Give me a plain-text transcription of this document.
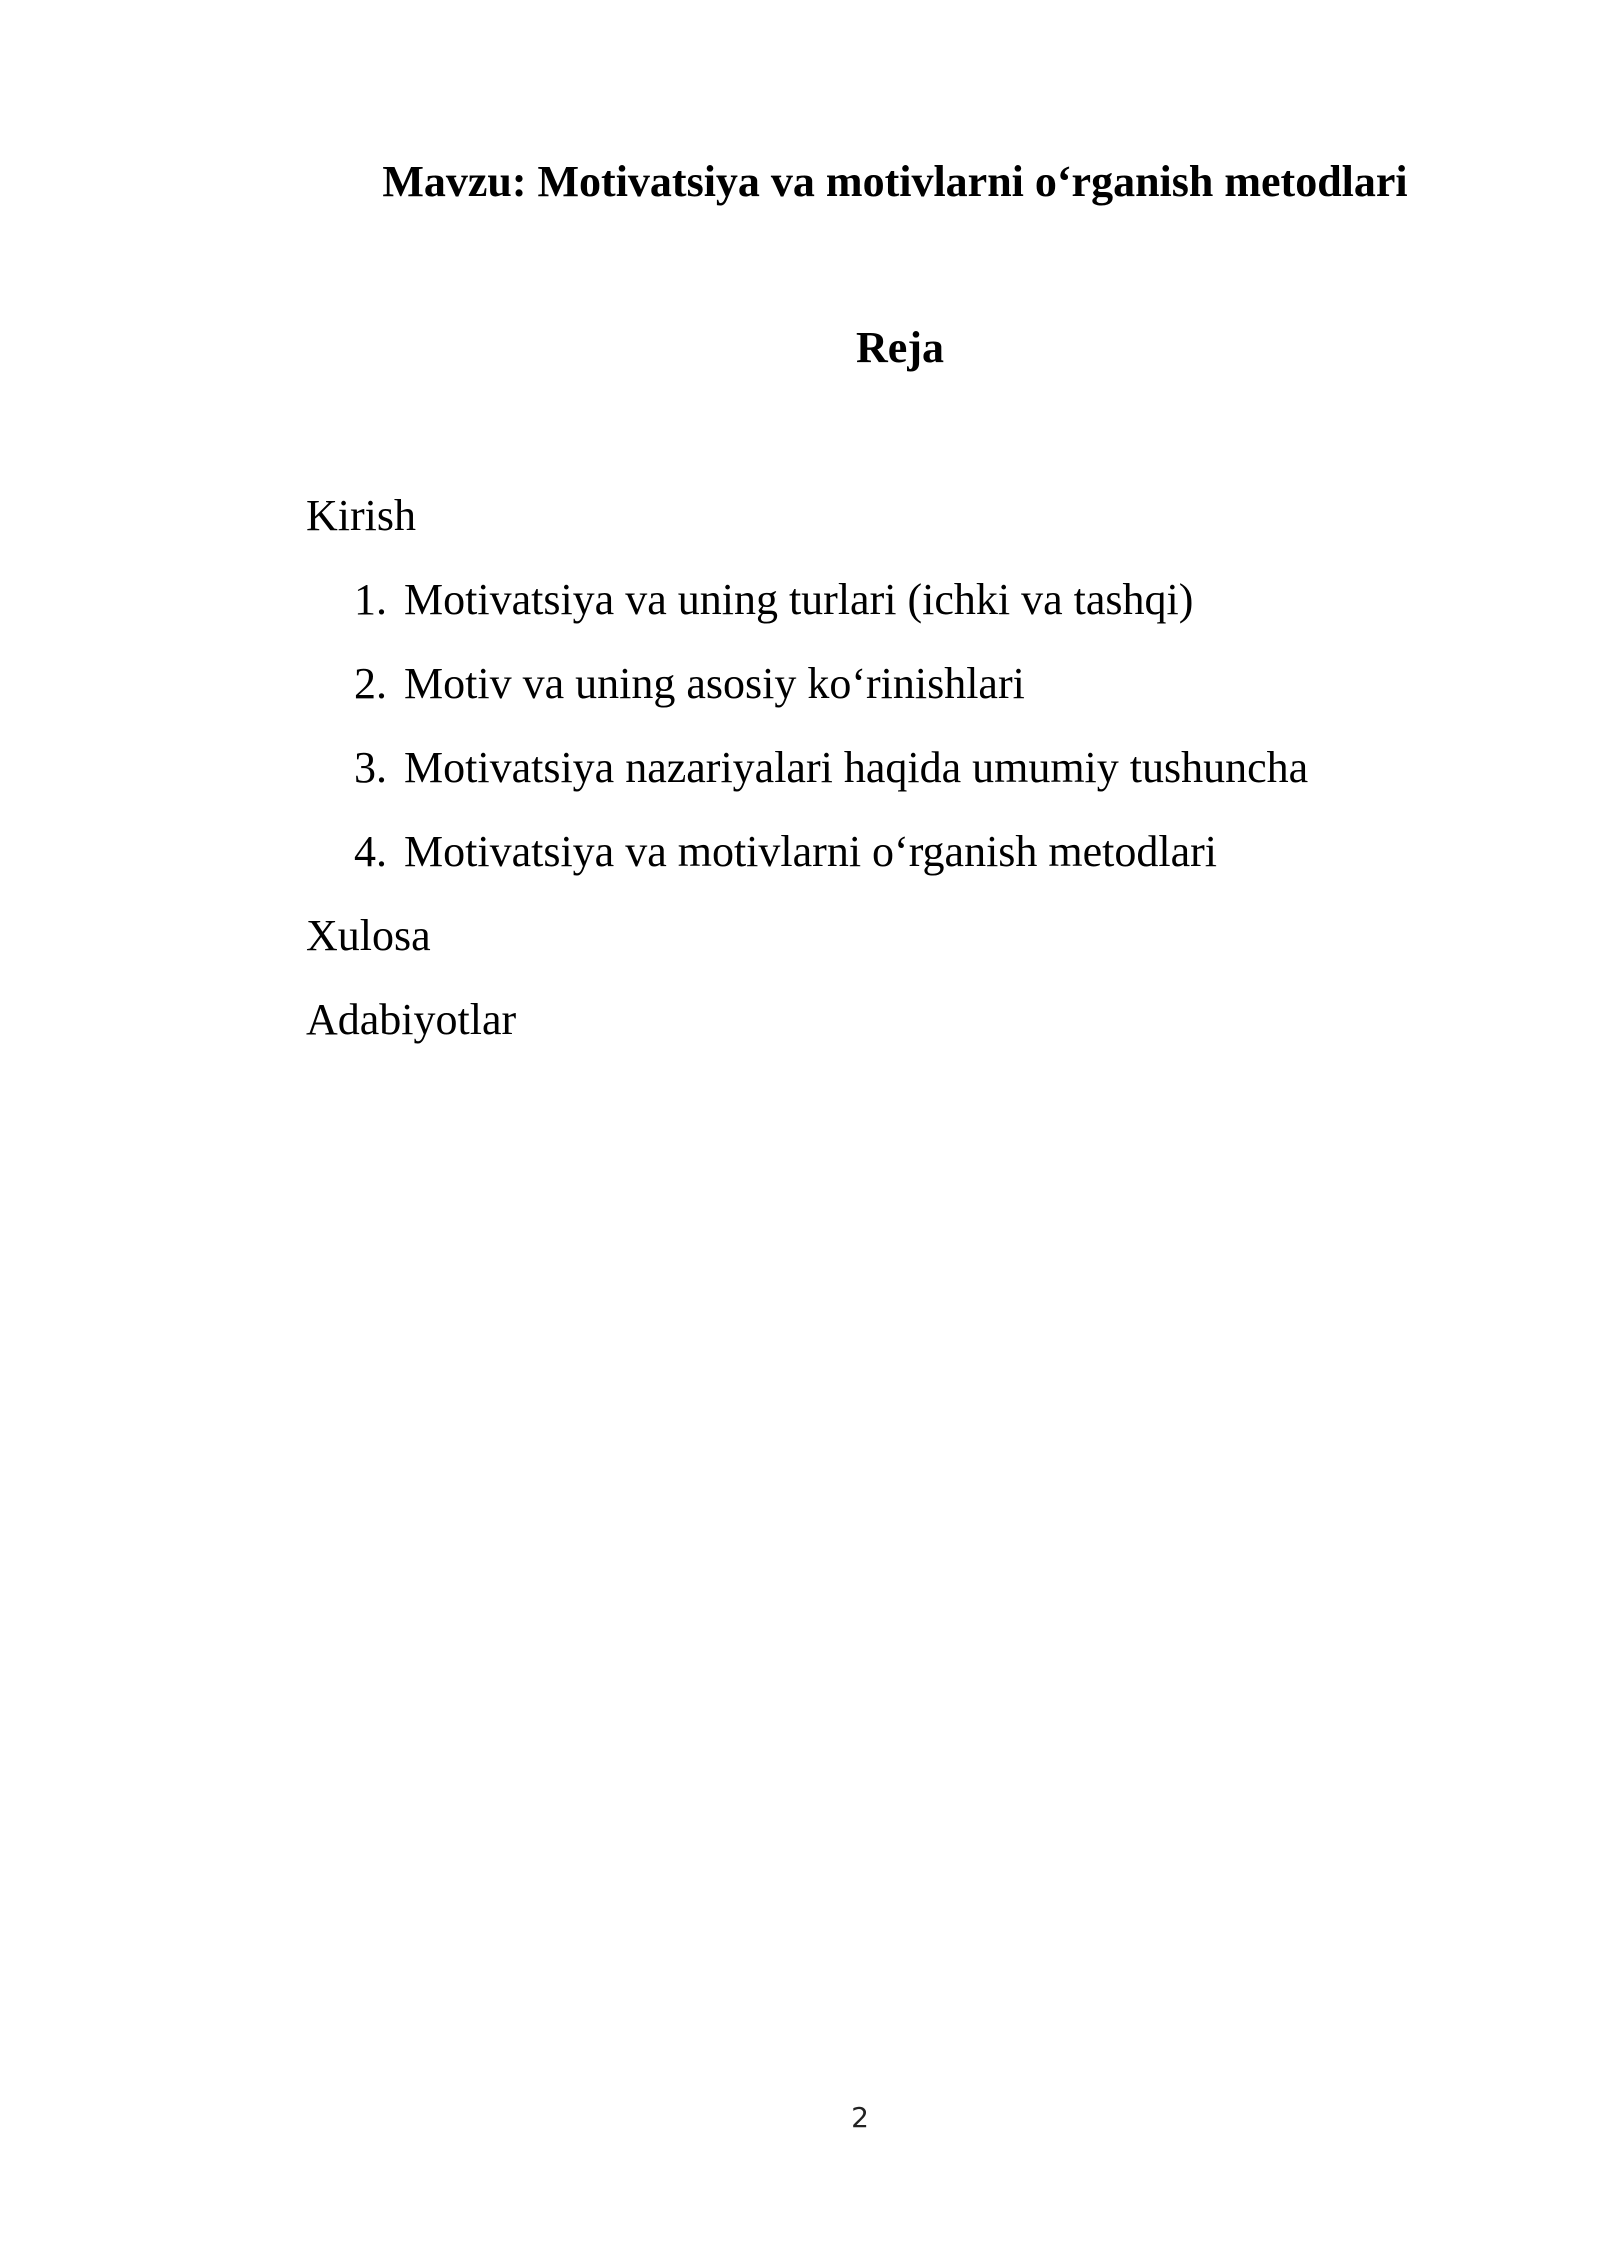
Mavzu: Motivatsiya va motivlarni o‘rganish metodlari
Reja
Kirish
1. Motivatsiya va uning turlari (ichki va tashqi)
2. Motiv va uning asosiy ko‘rinishlari
3. Motivatsiya nazariyalari haqida umumiy tushuncha
4. Motivatsiya va motivlarni o‘rganish metodlari
Xulosa
Adabiyotlar
2
